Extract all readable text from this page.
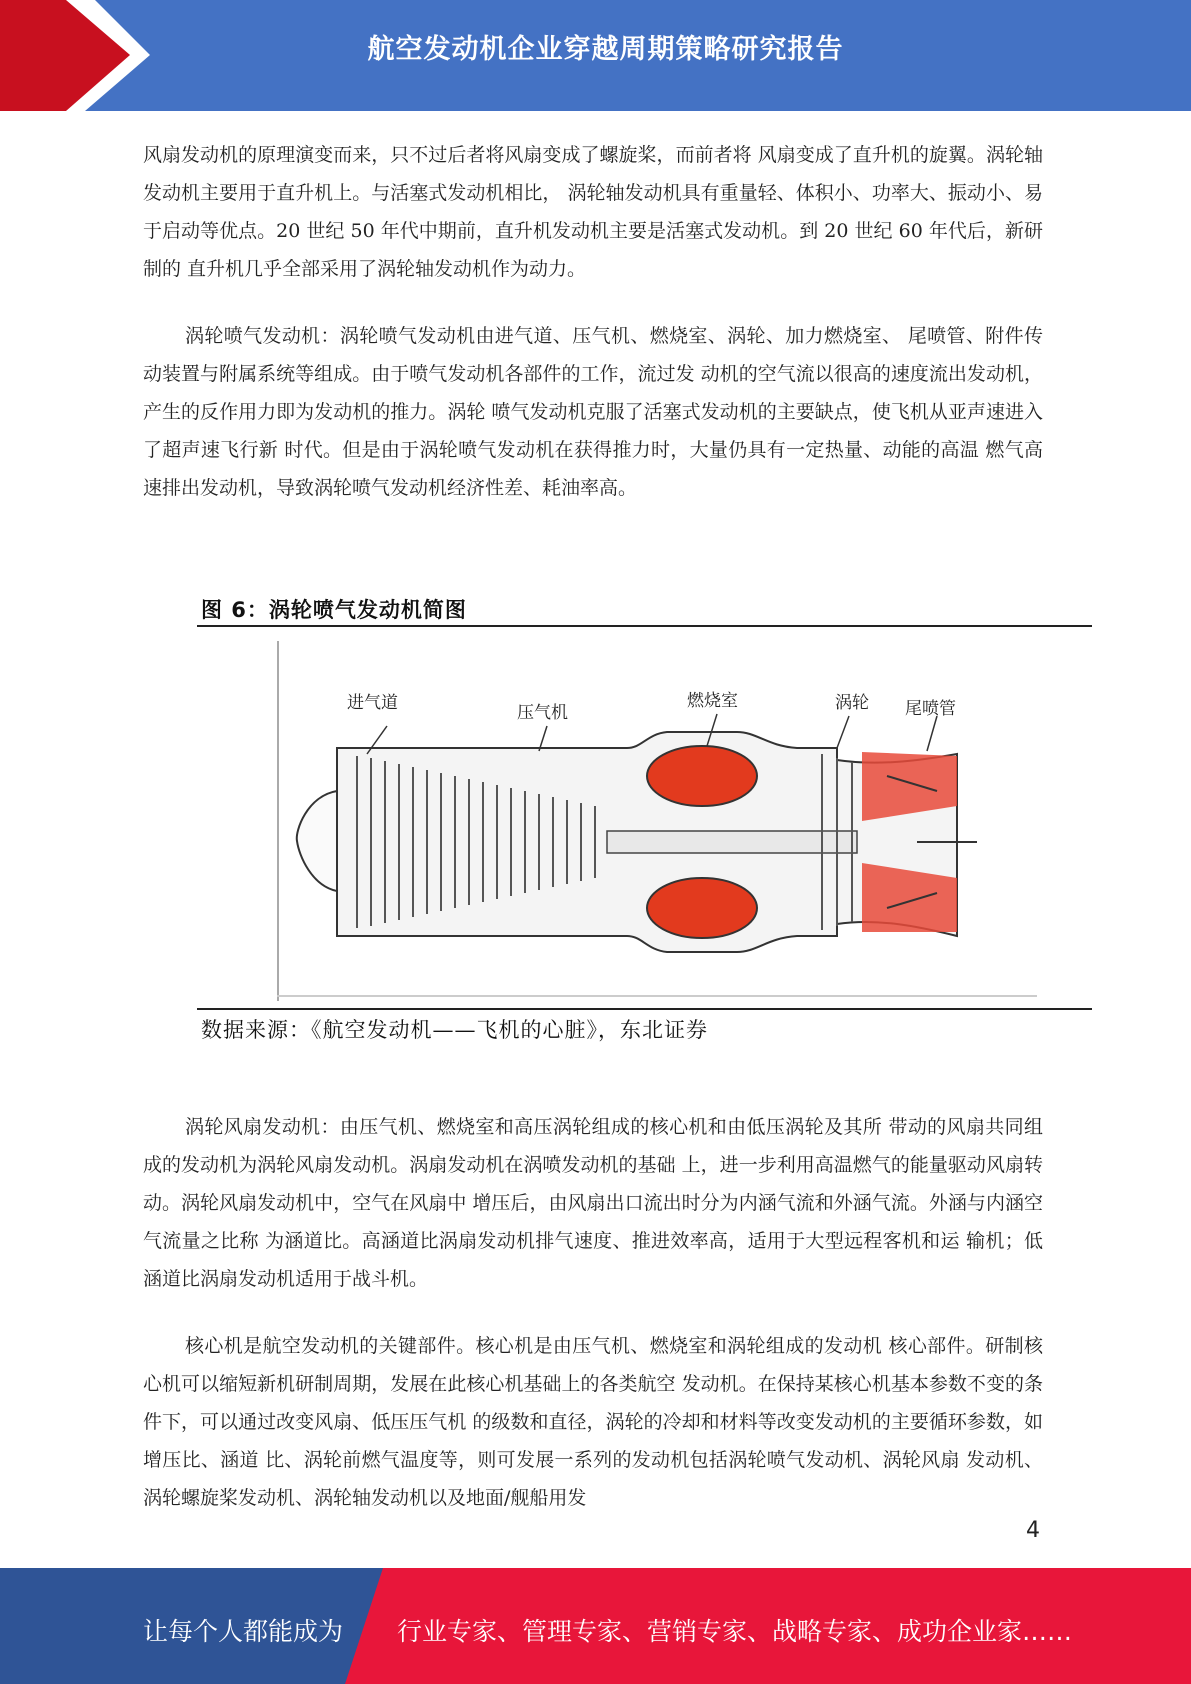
航空发动机企业穿越周期策略研究报告

风扇发动机的原理演变而来，只不过后者将风扇变成了螺旋桨，而前者将 风扇变成了直升机的旋翼。涡轮轴发动机主要用于直升机上。与活塞式发动机相比， 涡轮轴发动机具有重量轻、体积小、功率大、振动小、易于启动等优点。20 世纪 50 年代中期前，直升机发动机主要是活塞式发动机。到 20 世纪 60 年代后，新研制的 直升机几乎全部采用了涡轮轴发动机作为动力。

涡轮喷气发动机：涡轮喷气发动机由进气道、压气机、燃烧室、涡轮、加力燃烧室、 尾喷管、附件传动装置与附属系统等组成。由于喷气发动机各部件的工作，流过发 动机的空气流以很高的速度流出发动机，产生的反作用力即为发动机的推力。涡轮 喷气发动机克服了活塞式发动机的主要缺点，使飞机从亚声速进入了超声速飞行新 时代。但是由于涡轮喷气发动机在获得推力时，大量仍具有一定热量、动能的高温 燃气高速排出发动机，导致涡轮喷气发动机经济性差、耗油率高。

图 6：涡轮喷气发动机简图
进气道	压气机
燃烧室	涡轮 尾喷管
数据来源：《航空发动机——飞机的心脏》，东北证券

涡轮风扇发动机：由压气机、燃烧室和高压涡轮组成的核心机和由低压涡轮及其所 带动的风扇共同组成的发动机为涡轮风扇发动机。涡扇发动机在涡喷发动机的基础 上，进一步利用高温燃气的能量驱动风扇转动。涡轮风扇发动机中，空气在风扇中 增压后，由风扇出口流出时分为内涵气流和外涵气流。外涵与内涵空气流量之比称 为涵道比。高涵道比涡扇发动机排气速度、推进效率高，适用于大型远程客机和运 输机；低涵道比涡扇发动机适用于战斗机。

核心机是航空发动机的关键部件。核心机是由压气机、燃烧室和涡轮组成的发动机 核心部件。研制核心机可以缩短新机研制周期，发展在此核心机基础上的各类航空 发动机。在保持某核心机基本参数不变的条件下，可以通过改变风扇、低压压气机 的级数和直径，涡轮的冷却和材料等改变发动机的主要循环参数，如增压比、涵道 比、涡轮前燃气温度等，则可发展一系列的发动机包括涡轮喷气发动机、涡轮风扇 发动机、涡轮螺旋桨发动机、涡轮轴发动机以及地面/舰船用发

4
让每个人都能成为 行业专家、管理专家、营销专家、战略专家、成功企业家……
